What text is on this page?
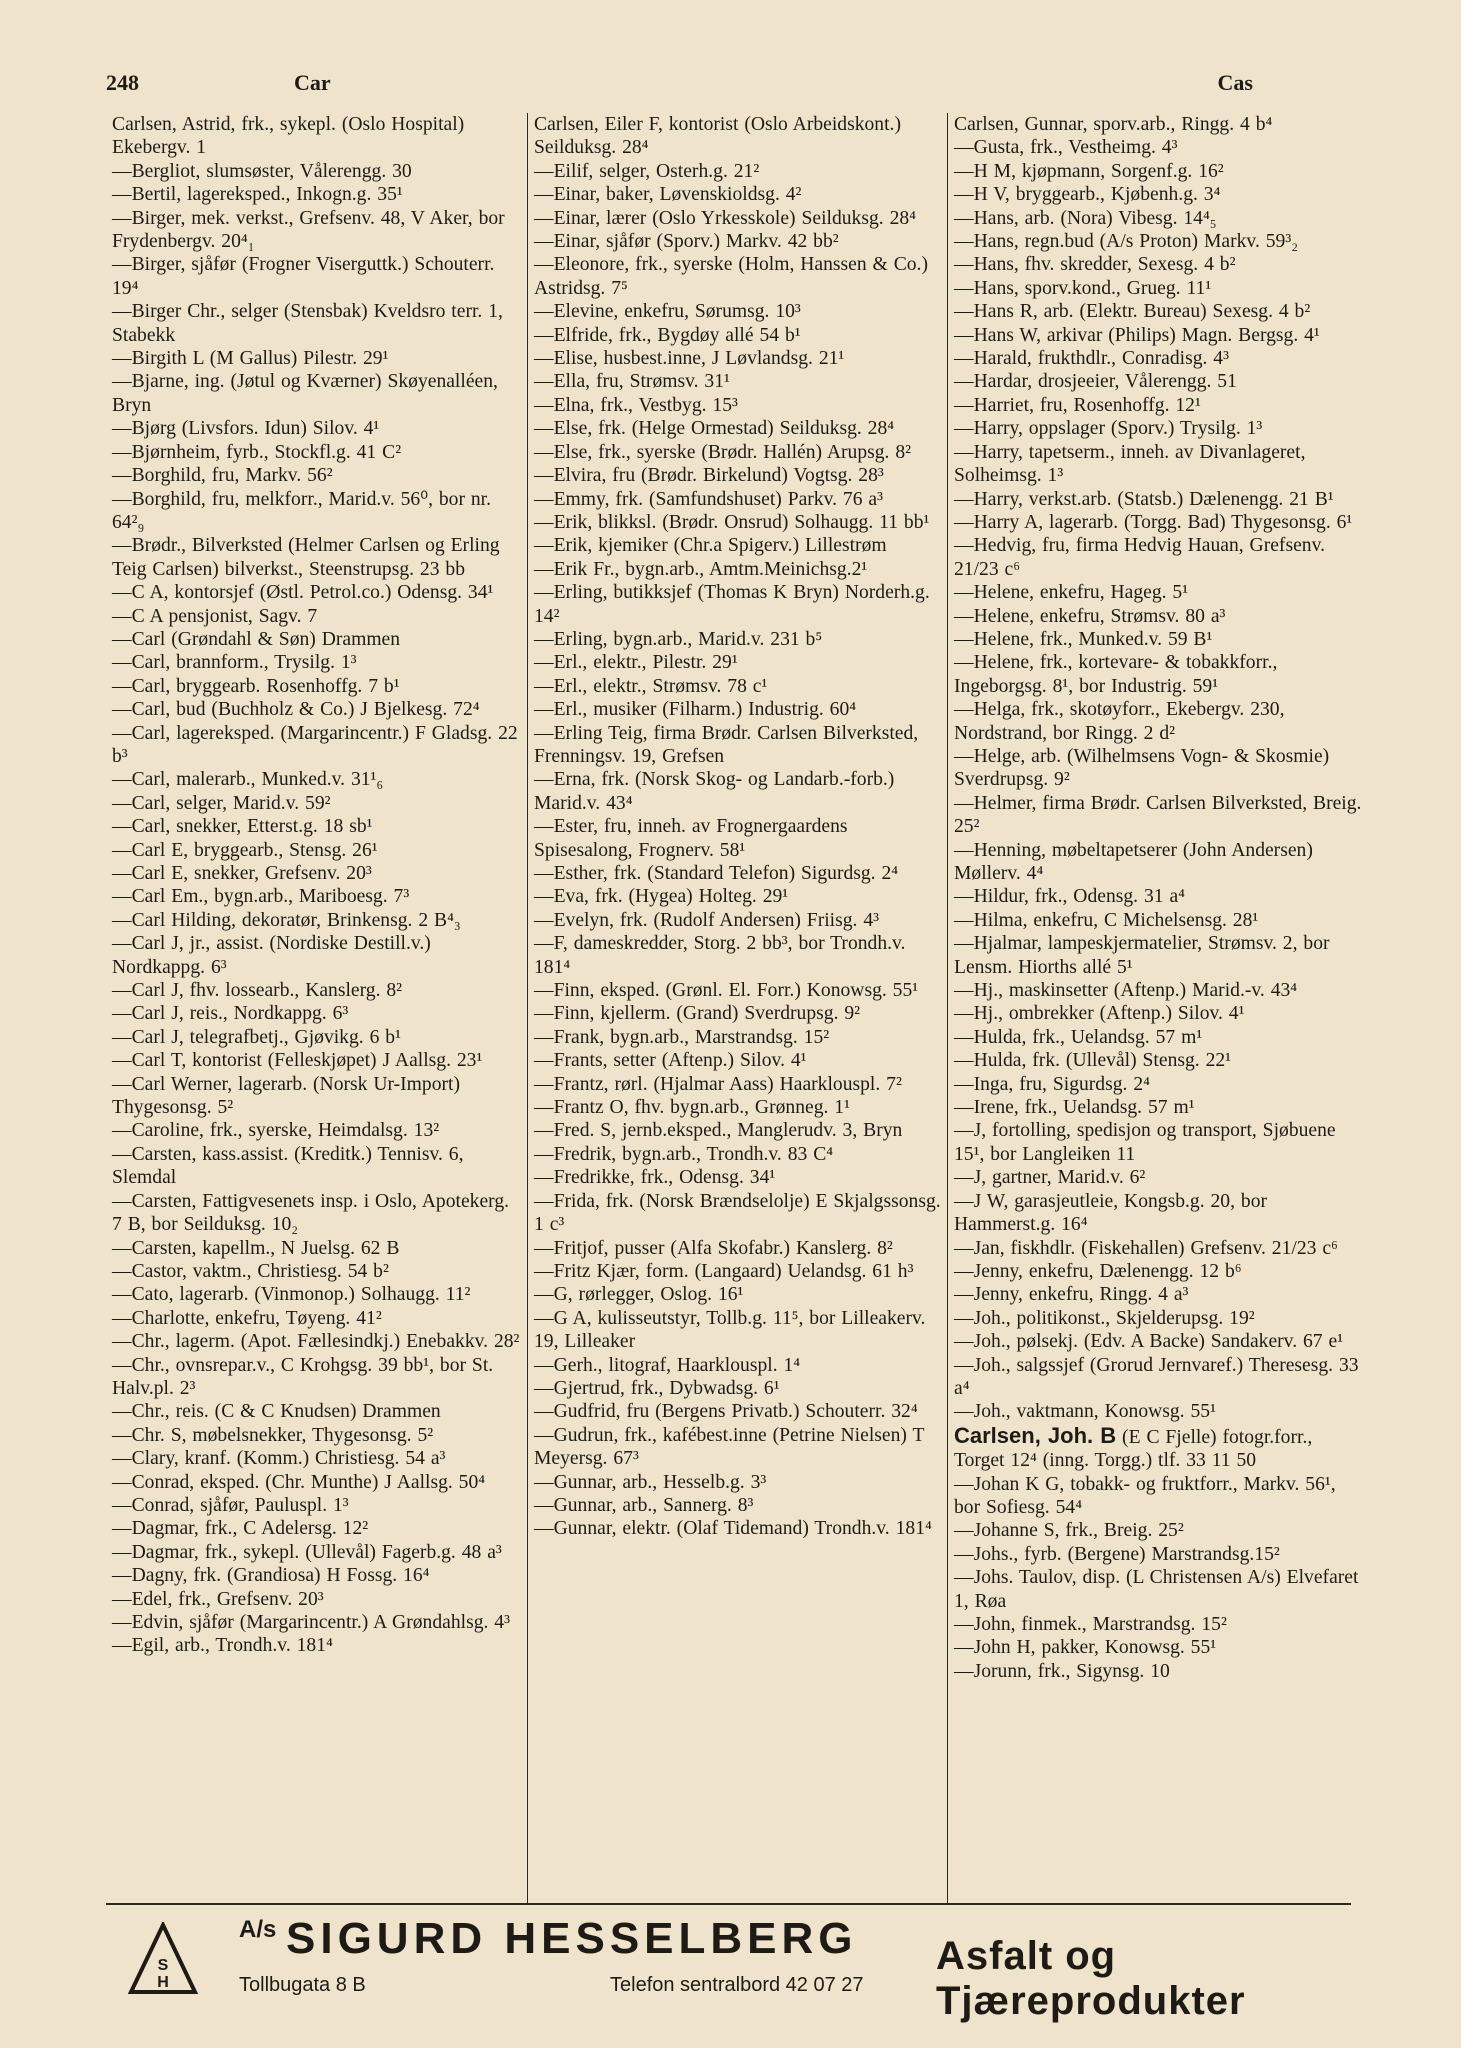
248	Car	Cas

Carlsen, Astrid, frk., sykepl. (Oslo Hospital) Ekebergv. 1

—Bergliot, slumsøster, Vålerengg. 30

—Bertil, lagereksped., Inkogn.g. 35¹

—Birger, mek. verkst., Grefsenv. 48, V Aker, bor Frydenbergv. 20⁴₁

—Birger, sjåfør (Frogner Viserguttk.) Schouterr. 19⁴

—Birger Chr., selger (Stensbak) Kveldsro terr. 1, Stabekk

—Birgith L (M Gallus) Pilestr. 29¹

—Bjarne, ing. (Jøtul og Kværner) Skøyenalléen, Bryn

—Bjørg (Livsfors. Idun) Silov. 4¹

—Bjørnheim, fyrb., Stockfl.g. 41 C²

—Borghild, fru, Markv. 56²

—Borghild, fru, melkforr., Marid.v. 56⁰, bor nr. 64²₉

—Brødr., Bilverksted (Helmer Carlsen og Erling Teig Carlsen) bilverkst., Steenstrupsg. 23 bb

—C A, kontorsjef (Østl. Petrol.co.) Odensg. 34¹

—C A pensjonist, Sagv. 7

—Carl (Grøndahl & Søn) Drammen

—Carl, brannform., Trysilg. 1³

—Carl, bryggearb. Rosenhoffg. 7 b¹

—Carl, bud (Buchholz & Co.) J Bjelkesg. 72⁴

—Carl, lagereksped. (Margarincentr.) F Gladsg. 22 b³

—Carl, malerarb., Munked.v. 31¹₆

—Carl, selger, Marid.v. 59²

—Carl, snekker, Etterst.g. 18 sb¹

—Carl E, bryggearb., Stensg. 26¹

—Carl E, snekker, Grefsenv. 20³

—Carl Em., bygn.arb., Mariboesg. 7³

—Carl Hilding, dekoratør, Brinkensg. 2 B⁴₃

—Carl J, jr., assist. (Nordiske Destill.v.) Nordkappg. 6³

—Carl J, fhv. lossearb., Kanslerg. 8²

—Carl J, reis., Nordkappg. 6³

—Carl J, telegrafbetj., Gjøvikg. 6 b¹

—Carl T, kontorist (Felleskjøpet) J Aallsg. 23¹

—Carl Werner, lagerarb. (Norsk Ur-Import) Thygesonsg. 5²

—Caroline, frk., syerske, Heimdalsg. 13²

—Carsten, kass.assist. (Kreditk.) Tennisv. 6, Slemdal

—Carsten, Fattigvesenets insp. i Oslo, Apotekerg. 7 B, bor Seilduksg. 10₂

—Carsten, kapellm., N Juelsg. 62 B

—Castor, vaktm., Christiesg. 54 b²

—Cato, lagerarb. (Vinmonop.) Solhaugg. 11²

—Charlotte, enkefru, Tøyeng. 41²

—Chr., lagerm. (Apot. Fællesindkj.) Enebakkv. 28²

—Chr., ovnsrepar.v., C Krohgsg. 39 bb¹, bor St. Halv.pl. 2³

—Chr., reis. (C & C Knudsen) Drammen

—Chr. S, møbelsnekker, Thygesonsg. 5²

—Clary, kranf. (Komm.) Christiesg. 54 a³

—Conrad, eksped. (Chr. Munthe) J Aallsg. 50⁴

—Conrad, sjåfør, Pauluspl. 1³

—Dagmar, frk., C Adelersg. 12²

—Dagmar, frk., sykepl. (Ullevål) Fagerb.g. 48 a³

—Dagny, frk. (Grandiosa) H Fossg. 16⁴

—Edel, frk., Grefsenv. 20³

—Edvin, sjåfør (Margarincentr.) A Grøndahlsg. 4³

—Egil, arb., Trondh.v. 181⁴

Carlsen, Eiler F, kontorist (Oslo Arbeidskont.) Seilduksg. 28⁴

—Eilif, selger, Osterh.g. 21²

—Einar, baker, Løvenskioldsg. 4²

—Einar, lærer (Oslo Yrkesskole) Seilduksg. 28⁴

—Einar, sjåfør (Sporv.) Markv. 42 bb²

—Eleonore, frk., syerske (Holm, Hanssen & Co.) Astridsg. 7⁵

—Elevine, enkefru, Sørumsg. 10³

—Elfride, frk., Bygdøy allé 54 b¹

—Elise, husbest.inne, J Løvlandsg. 21¹

—Ella, fru, Strømsv. 31¹

—Elna, frk., Vestbyg. 15³

—Else, frk. (Helge Ormestad) Seilduksg. 28⁴

—Else, frk., syerske (Brødr. Hallén) Arupsg. 8²

—Elvira, fru (Brødr. Birkelund) Vogtsg. 28³

—Emmy, frk. (Samfundshuset) Parkv. 76 a³

—Erik, blikksl. (Brødr. Onsrud) Solhaugg. 11 bb¹

—Erik, kjemiker (Chr.a Spigerv.) Lillestrøm

—Erik Fr., bygn.arb., Amtm.Meinichsg.2¹

—Erling, butikksjef (Thomas K Bryn) Norderh.g. 14²

—Erling, bygn.arb., Marid.v. 231 b⁵

—Erl., elektr., Pilestr. 29¹

—Erl., elektr., Strømsv. 78 c¹

—Erl., musiker (Filharm.) Industrig. 60⁴

—Erling Teig, firma Brødr. Carlsen Bilverksted, Frenningsv. 19, Grefsen

—Erna, frk. (Norsk Skog- og Landarb.-forb.) Marid.v. 43⁴

—Ester, fru, inneh. av Frognergaardens Spisesalong, Frognerv. 58¹

—Esther, frk. (Standard Telefon) Sigurdsg. 2⁴

—Eva, frk. (Hygea) Holteg. 29¹

—Evelyn, frk. (Rudolf Andersen) Friisg. 4³

—F, dameskredder, Storg. 2 bb³, bor Trondh.v. 181⁴

—Finn, eksped. (Grønl. El. Forr.) Konowsg. 55¹

—Finn, kjellerm. (Grand) Sverdrupsg. 9²

—Frank, bygn.arb., Marstrandsg. 15²

—Frants, setter (Aftenp.) Silov. 4¹

—Frantz, rørl. (Hjalmar Aass) Haarklouspl. 7²

—Frantz O, fhv. bygn.arb., Grønneg. 1¹

—Fred. S, jernb.eksped., Manglerudv. 3, Bryn

—Fredrik, bygn.arb., Trondh.v. 83 C⁴

—Fredrikke, frk., Odensg. 34¹

—Frida, frk. (Norsk Brændselolje) E Skjalgssonsg. 1 c³

—Fritjof, pusser (Alfa Skofabr.) Kanslerg. 8²

—Fritz Kjær, form. (Langaard) Uelandsg. 61 h³

—G, rørlegger, Oslog. 16¹

—G A, kulisseutstyr, Tollb.g. 11⁵, bor Lilleakerv. 19, Lilleaker

—Gerh., litograf, Haarklouspl. 1⁴

—Gjertrud, frk., Dybwadsg. 6¹

—Gudfrid, fru (Bergens Privatb.) Schouterr. 32⁴

—Gudrun, frk., kafébest.inne (Petrine Nielsen) T Meyersg. 67³

—Gunnar, arb., Hesselb.g. 3³

—Gunnar, arb., Sannerg. 8³

—Gunnar, elektr. (Olaf Tidemand) Trondh.v. 181⁴

Carlsen, Gunnar, sporv.arb., Ringg. 4 b⁴

—Gusta, frk., Vestheimg. 4³

—H M, kjøpmann, Sorgenf.g. 16²

—H V, bryggearb., Kjøbenh.g. 3⁴

—Hans, arb. (Nora) Vibesg. 14⁴₅

—Hans, regn.bud (A/s Proton) Markv. 59³₂

—Hans, fhv. skredder, Sexesg. 4 b²

—Hans, sporv.kond., Grueg. 11¹

—Hans R, arb. (Elektr. Bureau) Sexesg. 4 b²

—Hans W, arkivar (Philips) Magn. Bergsg. 4¹

—Harald, frukthdlr., Conradisg. 4³

—Hardar, drosjeeier, Vålerengg. 51

—Harriet, fru, Rosenhoffg. 12¹

—Harry, oppslager (Sporv.) Trysilg. 1³

—Harry, tapetserm., inneh. av Divanlageret, Solheimsg. 1³

—Harry, verkst.arb. (Statsb.) Dælenengg. 21 B¹

—Harry A, lagerarb. (Torgg. Bad) Thygesonsg. 6¹

—Hedvig, fru, firma Hedvig Hauan, Grefsenv. 21/23 c⁶

—Helene, enkefru, Hageg. 5¹

—Helene, enkefru, Strømsv. 80 a³

—Helene, frk., Munked.v. 59 B¹

—Helene, frk., kortevare- & tobakkforr., Ingeborgsg. 8¹, bor Industrig. 59¹

—Helga, frk., skotøyforr., Ekebergv. 230, Nordstrand, bor Ringg. 2 d²

—Helge, arb. (Wilhelmsens Vogn- & Skosmie) Sverdrupsg. 9²

—Helmer, firma Brødr. Carlsen Bilverksted, Breig. 25²

—Henning, møbeltapetserer (John Andersen) Møllerv. 4⁴

—Hildur, frk., Odensg. 31 a⁴

—Hilma, enkefru, C Michelsensg. 28¹

—Hjalmar, lampeskjermatelier, Strømsv. 2, bor Lensm. Hiorths allé 5¹

—Hj., maskinsetter (Aftenp.) Marid.-v. 43⁴

—Hj., ombrekker (Aftenp.) Silov. 4¹

—Hulda, frk., Uelandsg. 57 m¹

—Hulda, frk. (Ullevål) Stensg. 22¹

—Inga, fru, Sigurdsg. 2⁴

—Irene, frk., Uelandsg. 57 m¹

—J, fortolling, spedisjon og transport, Sjøbuene 15¹, bor Langleiken 11

—J, gartner, Marid.v. 6²

—J W, garasjeutleie, Kongsb.g. 20, bor Hammerst.g. 16⁴

—Jan, fiskhdlr. (Fiskehallen) Grefsenv. 21/23 c⁶

—Jenny, enkefru, Dælenengg. 12 b⁶

—Jenny, enkefru, Ringg. 4 a³

—Joh., politikonst., Skjelderupsg. 19²

—Joh., pølsekj. (Edv. A Backe) Sandakerv. 67 e¹

—Joh., salgssjef (Grorud Jernvaref.) Theresesg. 33 a⁴

—Joh., vaktmann, Konowsg. 55¹

Carlsen, Joh. B (E C Fjelle) fotogr.forr., Torget 12⁴ (inng. Torgg.) tlf. 33 11 50

—Johan K G, tobakk- og fruktforr., Markv. 56¹, bor Sofiesg. 54⁴

—Johanne S, frk., Breig. 25²

—Johs., fyrb. (Bergene) Marstrandsg.15²

—Johs. Taulov, disp. (L Christensen A/s) Elvefaret 1, Røa

—John, finmek., Marstrandsg. 15²

—John H, pakker, Konowsg. 55¹

—Jorunn, frk., Sigynsg. 10

S
H
A/s SIGURD HESSELBERG
Tollbugata 8 B	Telefon sentralbord 42 07 27
Asfalt og Tjæreprodukter
